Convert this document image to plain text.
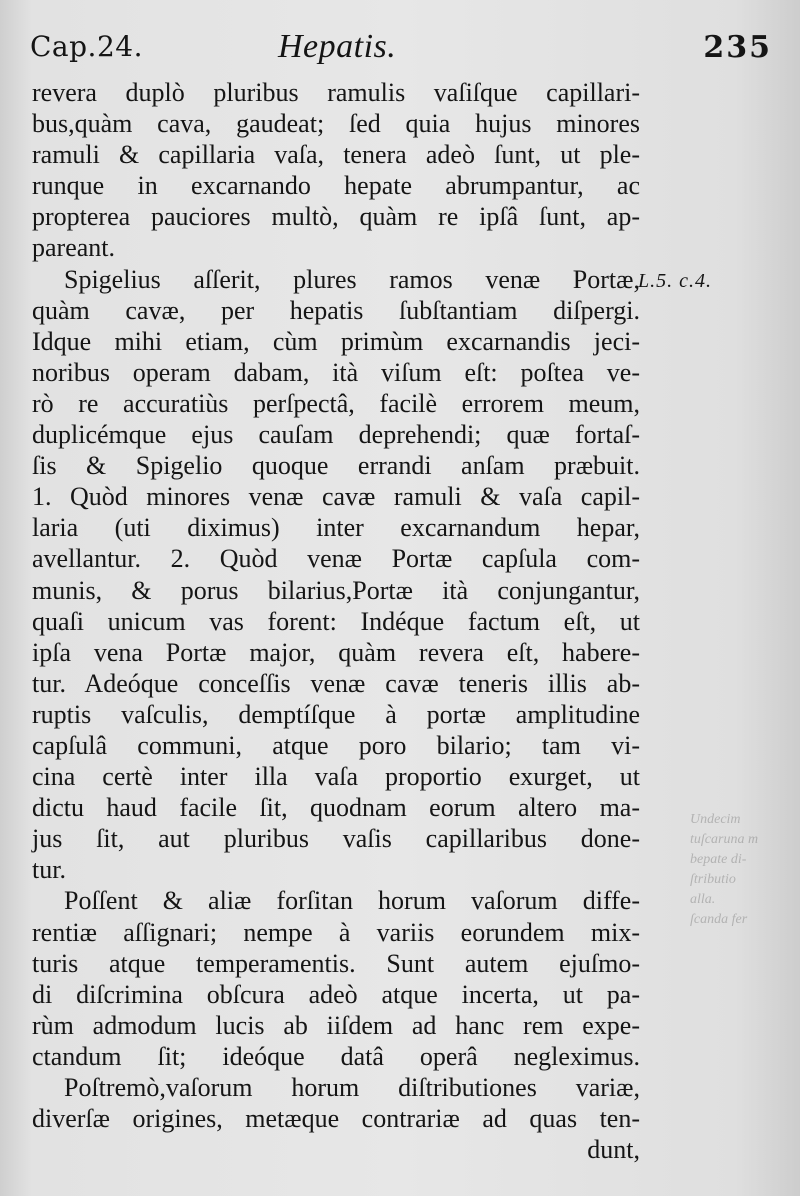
Cap.24.	Hepatis.	235
revera duplò pluribus ramulis vaſiſque capillari-
bus,quàm cava, gaudeat; ſed quia hujus minores
ramuli & capillaria vaſa, tenera adeò ſunt, ut ple-
runque in excarnando hepate abrumpantur, ac
propterea pauciores multò, quàm re ipſâ ſunt, ap-
pareant.
Spigelius aſſerit, plures ramos venæ Portæ,
quàm cavæ, per hepatis ſubſtantiam diſpergi.
Idque mihi etiam, cùm primùm excarnandis jeci-
noribus operam dabam, ità viſum eſt: poſtea ve-
rò re accuratiùs perſpectâ, facilè errorem meum,
duplicémque ejus cauſam deprehendi; quæ fortaſ-
ſis & Spigelio quoque errandi anſam præbuit.
1. Quòd minores venæ cavæ ramuli & vaſa capil-
laria (uti diximus) inter excarnandum hepar,
avellantur. 2. Quòd venæ Portæ capſula com-
munis, & porus bilarius,Portæ ità conjungantur,
quaſi unicum vas forent: Indéque factum eſt, ut
ipſa vena Portæ major, quàm revera eſt, habere-
tur. Adeóque conceſſis venæ cavæ teneris illis ab-
ruptis vaſculis, demptíſque à portæ amplitudine
capſulâ communi, atque poro bilario; tam vi-
cina certè inter illa vaſa proportio exurget, ut
dictu haud facile ſit, quodnam eorum altero ma-
jus ſit, aut pluribus vaſis capillaribus done-
tur.
Poſſent & aliæ forſitan horum vaſorum diffe-
rentiæ aſſignari; nempe à variis eorundem mix-
turis atque temperamentis. Sunt autem ejuſmo-
di diſcrimina obſcura adeò atque incerta, ut pa-
rùm admodum lucis ab iiſdem ad hanc rem expe-
ctandum ſit; ideóque datâ operâ negleximus.
Poſtremò,vaſorum horum diſtributiones variæ,
diverſæ origines, metæque contrariæ ad quas ten-
dunt,
L.5. c.4.
Undecim
tuſcaruna m
bepate di-
ſtributio
alla.
ſcanda fer
